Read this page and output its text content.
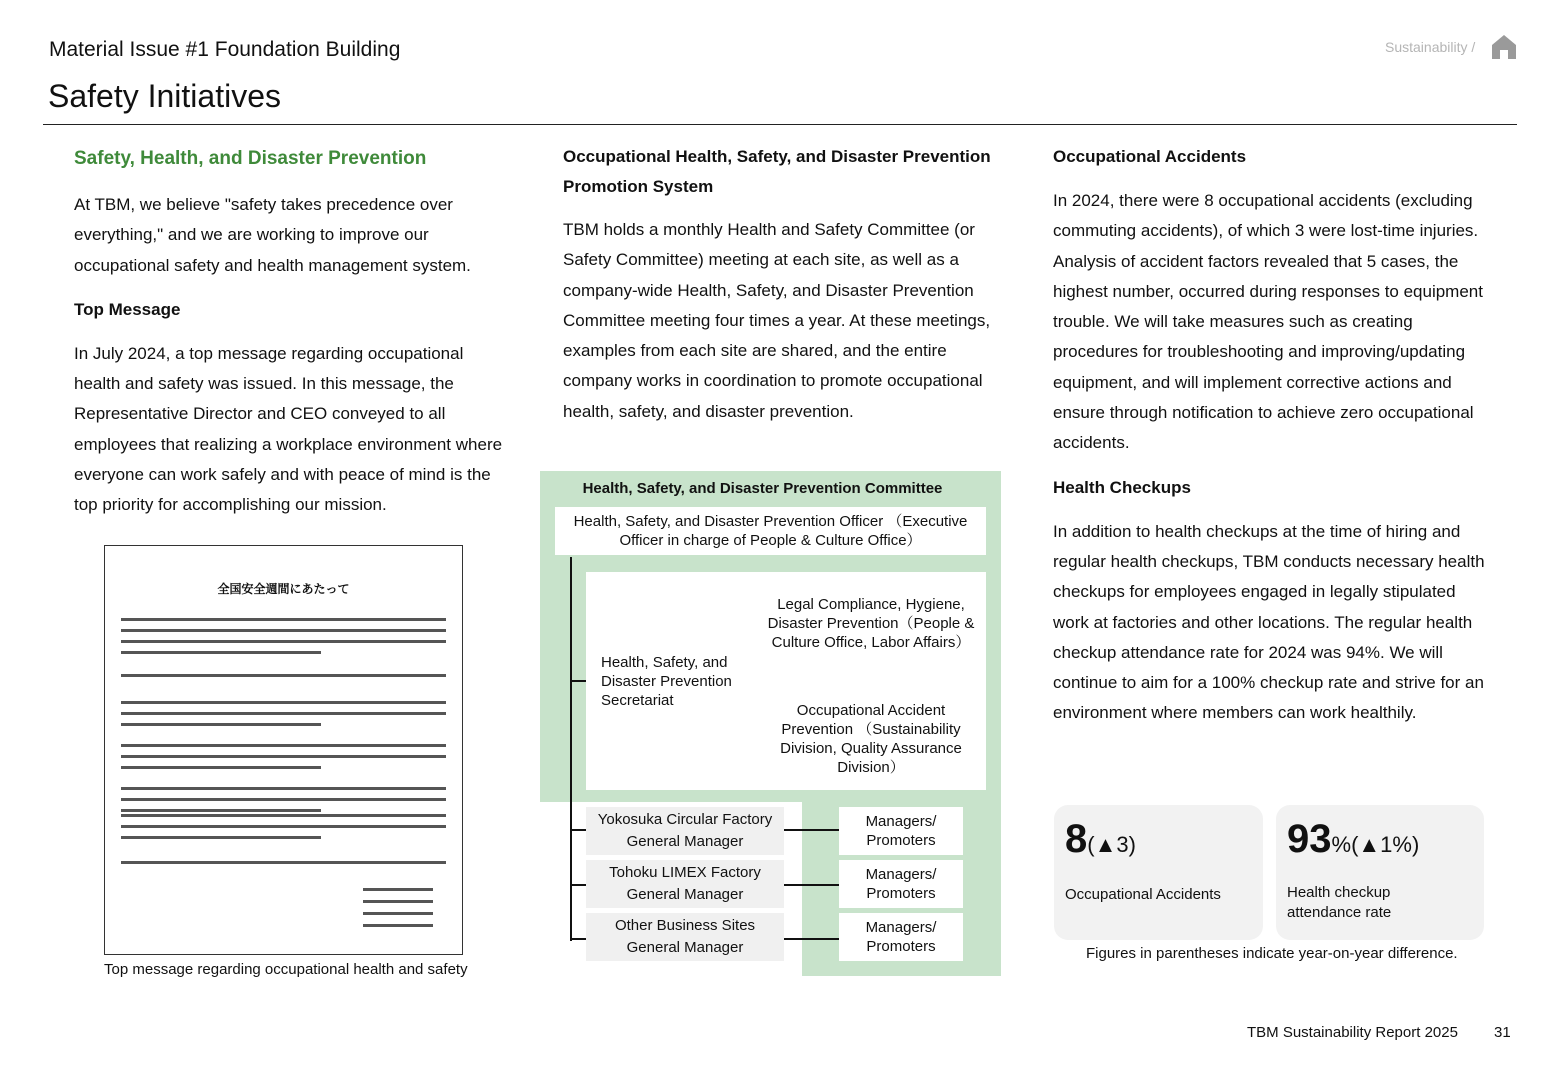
Material Issue #1 Foundation Building
Safety Initiatives
Sustainability /

Safety, Health, and Disaster Prevention

At TBM, we believe "safety takes precedence over everything," and we are working to improve our occupational safety and health management system.

Top Message

In July 2024, a top message regarding occupational health and safety was issued. In this message, the Representative Director and CEO conveyed to all employees that realizing a workplace environment where everyone can work safely and with peace of mind is the top priority for accomplishing our mission.

全国安全週間にあたって
Top message regarding occupational health and safety

Occupational Health, Safety, and Disaster Prevention Promotion System

TBM holds a monthly Health and Safety Committee (or Safety Committee) meeting at each site, as well as a company-wide Health, Safety, and Disaster Prevention Committee meeting four times a year. At these meetings, examples from each site are shared, and the entire company works in coordination to promote occupational health, safety, and disaster prevention.

Health, Safety, and Disaster Prevention Committee
Health, Safety, and Disaster Prevention Officer （Executive Officer in charge of People & Culture Office）
Health, Safety, and Disaster Prevention Secretariat
Legal Compliance, Hygiene, Disaster Prevention（People & Culture Office, Labor Affairs）
Occupational Accident Prevention （Sustainability Division, Quality Assurance Division）
Yokosuka Circular Factory
General Manager
Tohoku LIMEX Factory
General Manager
Other Business Sites
General Manager
Managers/ Promoters
Managers/ Promoters
Managers/ Promoters

Occupational Accidents

In 2024, there were 8 occupational accidents (excluding commuting accidents), of which 3 were lost-time injuries. Analysis of accident factors revealed that 5 cases, the highest number, occurred during responses to equipment trouble. We will take measures such as creating procedures for troubleshooting and improving/updating equipment, and will implement corrective actions and ensure through notification to achieve zero occupational accidents.

Health Checkups

In addition to health checkups at the time of hiring and regular health checkups, TBM conducts necessary health checkups for employees engaged in legally stipulated work at factories and other locations. The regular health checkup attendance rate for 2024 was 94%. We will continue to aim for a 100% checkup rate and strive for an environment where members can work healthily.

8(▲3)
Occupational Accidents
93%(▲1%)
Health checkup attendance rate
Figures in parentheses indicate year-on-year difference.
TBM Sustainability Report 2025 31
